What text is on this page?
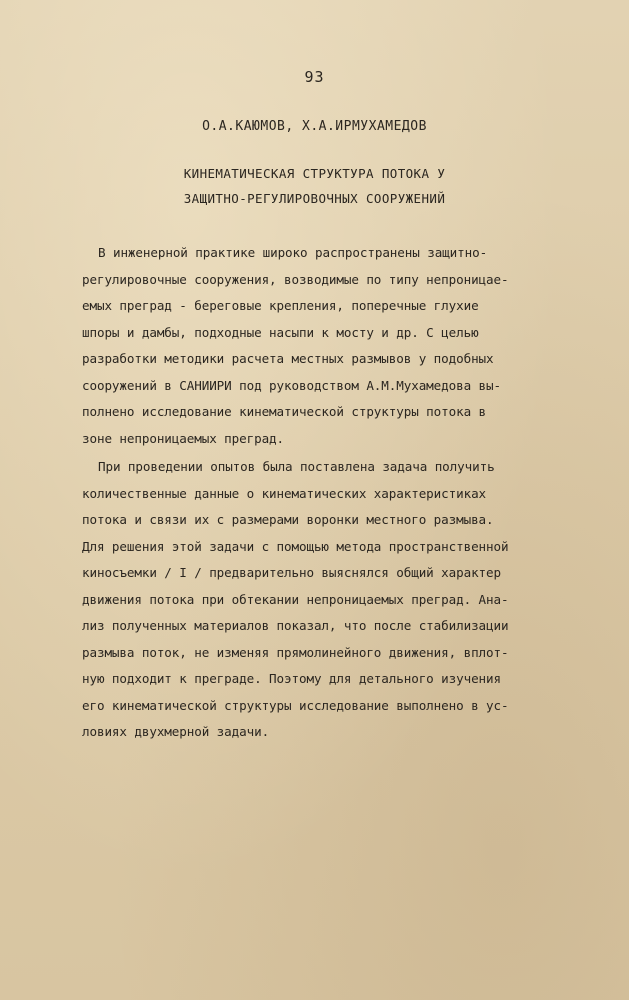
93
О.А.КАЮМОВ, Х.А.ИРМУХАМЕДОВ
КИНЕМАТИЧЕСКАЯ СТРУКТУРА ПОТОКА У
ЗАЩИТНО-РЕГУЛИРОВОЧНЫХ СООРУЖЕНИЙ
В инженерной практике широко распространены защитно-
регулировочные сооружения, возводимые по типу непроницае-
емых преград - береговые крепления, поперечные глухие
шпоры и дамбы, подходные насыпи к мосту и др. С целью
разработки методики расчета местных размывов у подобных
сооружений в САНИИРИ под руководством А.М.Мухамедова вы-
полнено исследование кинематической структуры потока в
зоне непроницаемых преград.
При проведении опытов была поставлена задача получить
количественные данные о кинематических характеристиках
потока и связи их с размерами воронки местного размыва.
Для решения этой задачи с помощью метода пространственной
киносъемки / I / предварительно выяснялся общий характер
движения потока при обтекании непроницаемых преград. Ана-
лиз полученных материалов показал, что после стабилизации
размыва поток, не изменяя прямолинейного движения, вплот-
ную подходит к преграде. Поэтому для детального изучения
его кинематической структуры исследование выполнено в ус-
ловиях двухмерной задачи.
